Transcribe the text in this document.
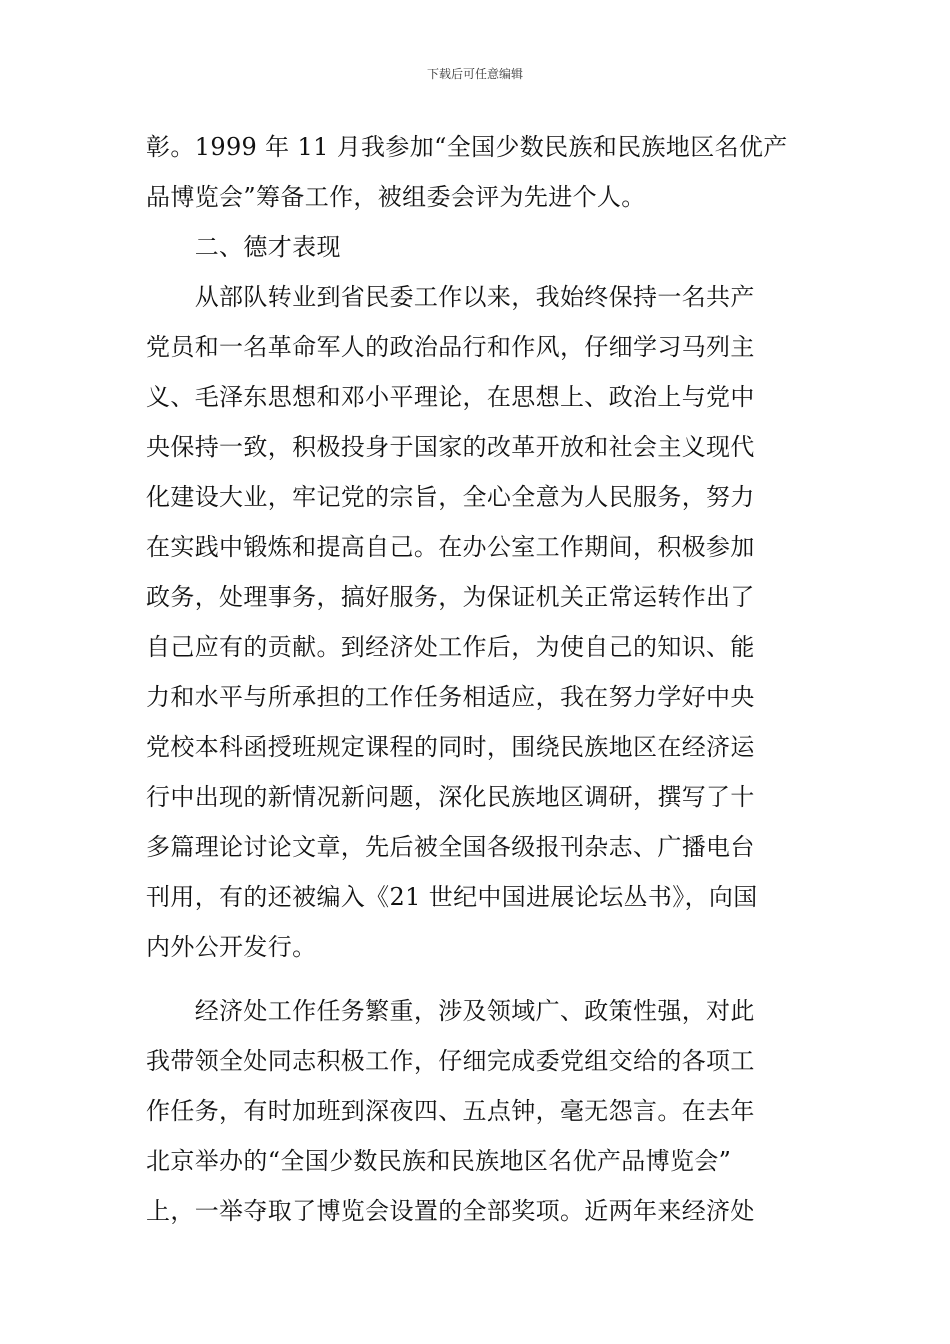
下载后可任意编辑
彰。1999 年 11 月我参加“全国少数民族和民族地区名优产
品博览会”筹备工作，被组委会评为先进个人。
　　二、德才表现
　　从部队转业到省民委工作以来，我始终保持一名共产
党员和一名革命军人的政治品行和作风，仔细学习马列主
义、毛泽东思想和邓小平理论，在思想上、政治上与党中
央保持一致，积极投身于国家的改革开放和社会主义现代
化建设大业，牢记党的宗旨，全心全意为人民服务，努力
在实践中锻炼和提高自己。在办公室工作期间，积极参加
政务，处理事务，搞好服务，为保证机关正常运转作出了
自己应有的贡献。到经济处工作后，为使自己的知识、能
力和水平与所承担的工作任务相适应，我在努力学好中央
党校本科函授班规定课程的同时，围绕民族地区在经济运
行中出现的新情况新问题，深化民族地区调研，撰写了十
多篇理论讨论文章，先后被全国各级报刊杂志、广播电台
刊用，有的还被编入《21 世纪中国进展论坛丛书》，向国
内外公开发行。
　　经济处工作任务繁重，涉及领域广、政策性强，对此
我带领全处同志积极工作，仔细完成委党组交给的各项工
作任务，有时加班到深夜四、五点钟，毫无怨言。在去年
北京举办的“全国少数民族和民族地区名优产品博览会”
上，一举夺取了博览会设置的全部奖项。近两年来经济处
